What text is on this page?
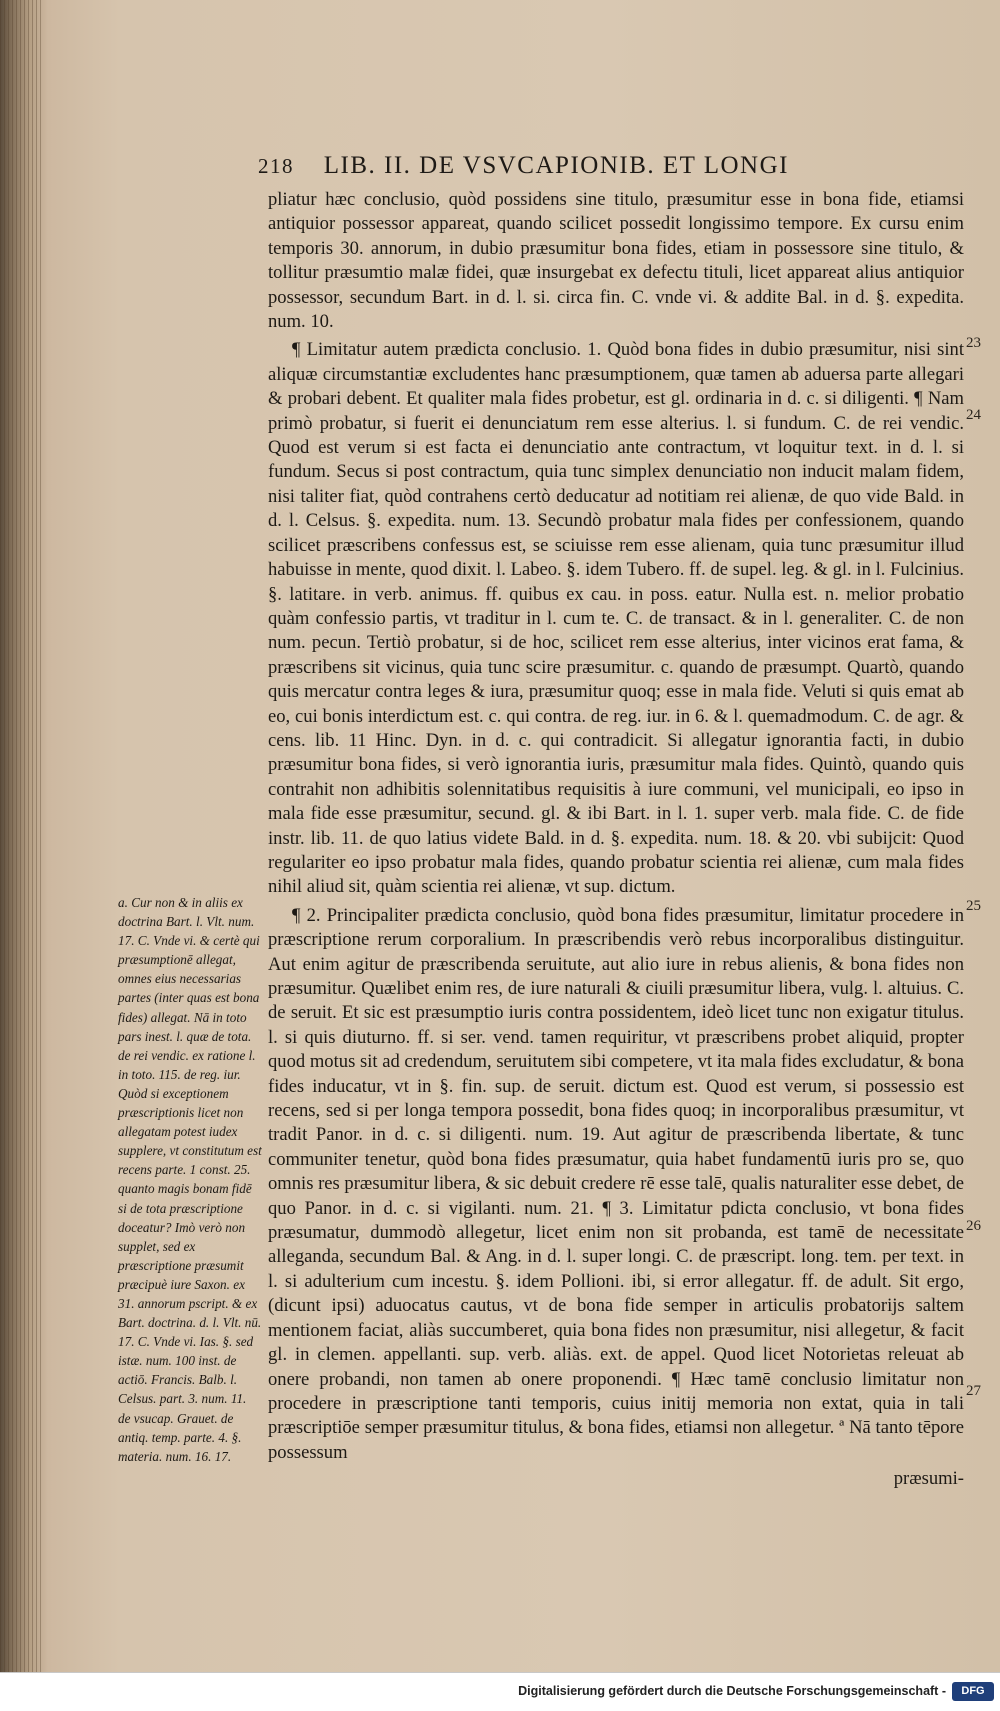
218 LIB. II. DE VSVCAPIONIB. ET LONGI

pliatur hæc conclusio, quòd possidens sine titulo, præsumitur esse in bona fide, etiamsi antiquior possessor appareat, quando scilicet possedit longissimo tempore. Ex cursu enim temporis 30. annorum, in dubio præsumitur bona fides, etiam in possessore sine titulo, & tollitur præsumtio malæ fidei, quæ insurgebat ex defectu tituli, licet appareat alius antiquior possessor, secundum Bart. in d. l. si. circa fin. C. vnde vi. & addite Bal. in d. §. expedita. num. 10.

¶ Limitatur autem prædicta conclusio. 1. Quòd bona fides in dubio præsumitur, nisi sint aliquæ circumstantiæ excludentes hanc præsumptionem, quæ tamen ab aduersa parte allegari & probari debent. Et qualiter mala fides probetur, est gl. ordinaria in d. c. si diligenti. ¶ Nam primò probatur, si fuerit ei denunciatum rem esse alterius. l. si fundum. C. de rei vendic. Quod est verum si est facta ei denunciatio ante contractum, vt loquitur text. in d. l. si fundum. Secus si post contractum, quia tunc simplex denunciatio non inducit malam fidem, nisi taliter fiat, quòd contrahens certò deducatur ad notitiam rei alienæ, de quo vide Bald. in d. l. Celsus. §. expedita. num. 13. Secundò probatur mala fides per confessionem, quando scilicet præscribens confessus est, se sciuisse rem esse alienam, quia tunc præsumitur illud habuisse in mente, quod dixit. l. Labeo. §. idem Tubero. ff. de supel. leg. & gl. in l. Fulcinius. §. latitare. in verb. animus. ff. quibus ex cau. in poss. eatur. Nulla est. n. melior probatio quàm confessio partis, vt traditur in l. cum te. C. de transact. & in l. generaliter. C. de non num. pecun. Tertiò probatur, si de hoc, scilicet rem esse alterius, inter vicinos erat fama, & præscribens sit vicinus, quia tunc scire præsumitur. c. quando de præsumpt. Quartò, quando quis mercatur contra leges & iura, præsumitur quoq; esse in mala fide. Veluti si quis emat ab eo, cui bonis interdictum est. c. qui contra. de reg. iur. in 6. & l. quemadmodum. C. de agr. & cens. lib. 11 Hinc. Dyn. in d. c. qui contradicit. Si allegatur ignorantia facti, in dubio præsumitur bona fides, si verò ignorantia iuris, præsumitur mala fides. Quintò, quando quis contrahit non adhibitis solennitatibus requisitis à iure communi, vel municipali, eo ipso in mala fide esse præsumitur, secund. gl. & ibi Bart. in l. 1. super verb. mala fide. C. de fide instr. lib. 11. de quo latius videte Bald. in d. §. expedita. num. 18. & 20. vbi subijcit: Quod regulariter eo ipso probatur mala fides, quando probatur scientia rei alienæ, cum mala fides nihil aliud sit, quàm scientia rei alienæ, vt sup. dictum.

¶ 2. Principaliter prædicta conclusio, quòd bona fides præsumitur, limitatur procedere in præscriptione rerum corporalium. In præscribendis verò rebus incorporalibus distinguitur. Aut enim agitur de præscribenda seruitute, aut alio iure in rebus alienis, & bona fides non præsumitur. Quælibet enim res, de iure naturali & ciuili præsumitur libera, vulg. l. altuius. C. de seruit. Et sic est præsumptio iuris contra possidentem, ideò licet tunc non exigatur titulus. l. si quis diuturno. ff. si ser. vend. tamen requiritur, vt præscribens probet aliquid, propter quod motus sit ad credendum, seruitutem sibi competere, vt ita mala fides excludatur, & bona fides inducatur, vt in §. fin. sup. de seruit. dictum est. Quod est verum, si possessio est recens, sed si per longa tempora possedit, bona fides quoq; in incorporalibus præsumitur, vt tradit Panor. in d. c. si diligenti. num. 19. Aut agitur de præscribenda libertate, & tunc communiter tenetur, quòd bona fides præsumatur, quia habet fundamentū iuris pro se, quo omnis res præsumitur libera, & sic debuit credere rē esse talē, qualis naturaliter esse debet, de quo Panor. in d. c. si vigilanti. num. 21. ¶ 3. Limitatur pdicta conclusio, vt bona fides præsumatur, dummodò allegetur, licet enim non sit probanda, est tamē de necessitate alleganda, secundum Bal. & Ang. in d. l. super longi. C. de præscript. long. tem. per text. in l. si adulterium cum incestu. §. idem Pollioni. ibi, si error allegatur. ff. de adult. Sit ergo, (dicunt ipsi) aduocatus cautus, vt de bona fide semper in articulis probatorijs saltem mentionem faciat, aliàs succumberet, quia bona fides non præsumitur, nisi allegetur, & facit gl. in clemen. appellanti. sup. verb. aliàs. ext. de appel. Quod licet Notorietas releuat ab onere probandi, non tamen ab onere proponendi. ¶ Hæc tamē conclusio limitatur non procedere in præscriptione tanti temporis, cuius initij memoria non extat, quia in tali præscriptiōe semper præsumitur titulus, & bona fides, etiamsi non allegetur. ª Nā tanto tēpore possessum

præsumi-

a. Cur non & in aliis ex doctrina Bart. l. Vlt. num. 17. C. Vnde vi. & certè qui præsumptionē allegat, omnes eius necessarias partes (inter quas est bona fides) allegat. Nā in toto pars inest. l. quæ de tota. de rei vendic. ex ratione l. in toto. 115. de reg. iur. Quòd si exceptionem præscriptionis licet non allegatam potest iudex supplere, vt constitutum est recens parte. 1 const. 25. quanto magis bonam fidē si de tota præscriptione doceatur? Imò verò non supplet, sed ex præscriptione præsumit præcipuè iure Saxon. ex 31. annorum pscript. & ex Bart. doctrina. d. l. Vlt. nū. 17. C. Vnde vi. Ias. §. sed istæ. num. 100 inst. de actiō. Francis. Balb. l. Celsus. part. 3. num. 11. de vsucap. Grauet. de antiq. temp. parte. 4. §. materia. num. 16. 17.
23
24
25
26
27
Digitalisierung gefördert durch die Deutsche Forschungsgemeinschaft -	DFG
